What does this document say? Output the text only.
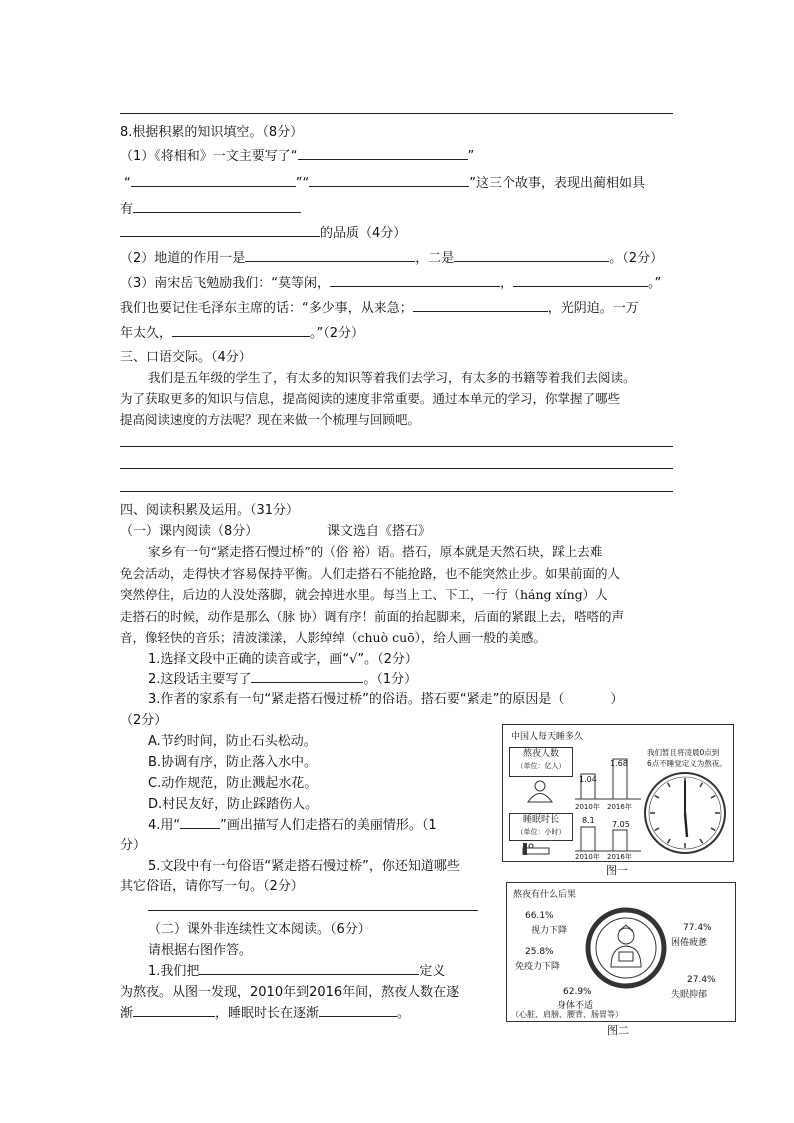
8.根据积累的知识填空。（8分）
（1）《将相和》一文主要写了“	”
“	”“	”这三个故事，表现出蔺相如具
有
的品质（4分）
（2）地道的作用一是	，二是	。（2分）
（3）南宋岳飞勉励我们：“莫等闲，	，	。”
我们也要记住毛泽东主席的话：“多少事，从来急；	，光阴迫。一万
年太久，	。”（2分）
三、口语交际。（4分）
我们是五年级的学生了，有太多的知识等着我们去学习，有太多的书籍等着我们去阅读。
为了获取更多的知识与信息，提高阅读的速度非常重要。通过本单元的学习，你掌握了哪些
提高阅读速度的方法呢？现在来做一个梳理与回顾吧。
四、阅读积累及运用。（31分）
（一）课内阅读（8分）	课文选自《搭石》
家乡有一句“紧走搭石慢过桥”的（俗 裕）语。搭石，原本就是天然石块，踩上去难
免会活动，走得快才容易保持平衡。人们走搭石不能抢路，也不能突然止步。如果前面的人
突然停住，后边的人没处落脚，就会掉进水里。每当上工、下工，一行（háng xíng）人
走搭石的时候，动作是那么（脉 协）调有序！前面的抬起脚来，后面的紧跟上去，嗒嗒的声
音，像轻快的音乐；清波漾漾，人影绰绰（chuò cuō），给人画一般的美感。
1.选择文段中正确的读音或字，画“√”。（2分）
2.这段话主要写了	。（1分）
3.作者的家系有一句“紧走搭石慢过桥”的俗语。搭石要“紧走”的原因是（	）
（2分）
A.节约时间，防止石头松动。
B.协调有序，防止落入水中。
C.动作规范，防止溅起水花。
D.村民友好，防止踩踏伤人。
4.用“	”画出描写人们走搭石的美丽情形。（1
分）
5.文段中有一句俗语“紧走搭石慢过桥”，你还知道哪些
其它俗语，请你写一句。（2分）
（二）课外非连续性文本阅读。（6分）
请根据右图作答。
1.我们把	定义
为熬夜。从图一发现，2010年到2016年间，熬夜人数在逐
渐	，睡眠时长在逐渐	。
中国人每天睡多久
熬夜人数
（单位：亿人）
1.04
1.68
2010年 2016年
睡眠时长
（单位：小时）
8.1 7.05
2010年 2016年
我们暂且将凌晨0点到
6点不睡觉定义为熬夜。
图一
熬夜有什么后果
66.1%
视力下降
25.8%
免疫力下降
62.9%
身体不适
（心脏、肩膀、腰背、肠胃等）
77.4%
困倦疲惫
27.4%
失眠抑郁
图二
